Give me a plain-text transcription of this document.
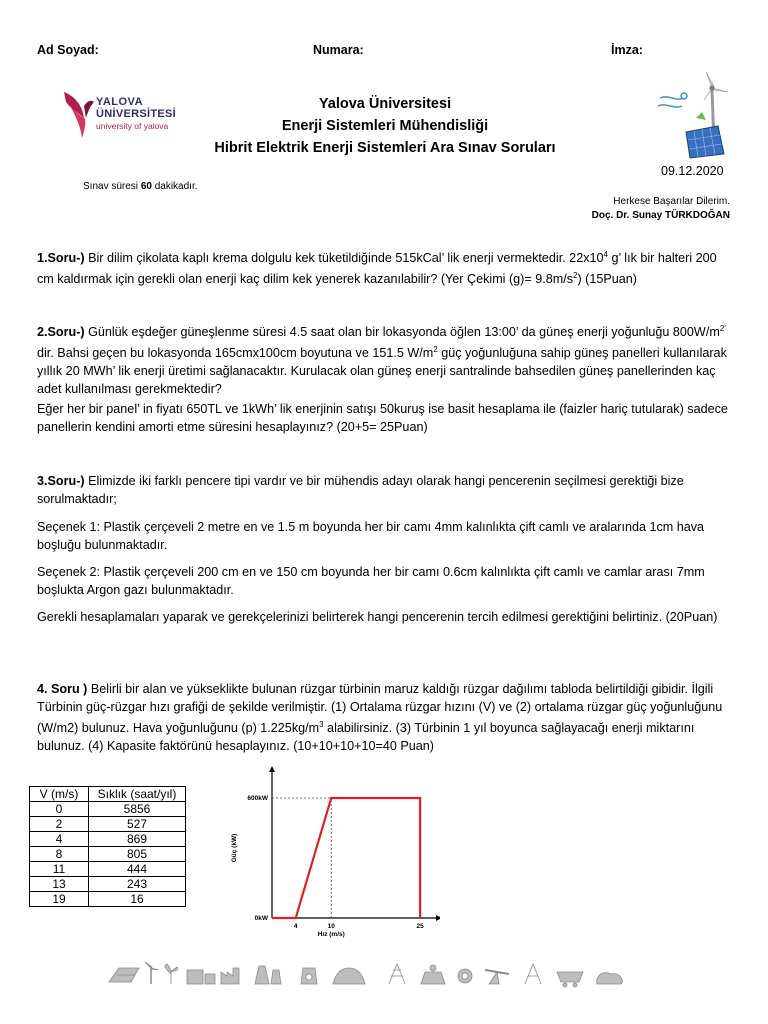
Ad Soyad:	Numara:	İmza:
YALOVA
ÜNİVERSİTESİ
university of yalova
Yalova Üniversitesi
Enerji Sistemleri Mühendisliği
Hibrit Elektrik Enerji Sistemleri Ara Sınav Soruları
09.12.2020
Sınav süresi 60 dakikadır.
Herkese Başarılar Dilerim.
Doç. Dr. Sunay TÜRKDOĞAN
1.Soru-) Bir dilim çikolata kaplı krema dolgulu kek tüketildiğinde 515kCal’ lik enerji vermektedir. $22x10^4$ g’ lık bir halteri 200 cm kaldırmak için gerekli olan enerji kaç dilim kek yenerek kazanılabilir? (Yer Çekimi $(g)= 9.8m/s^2$) (15Puan)
2.Soru-) Günlük eşdeğer güneşlenme süresi 4.5 saat olan bir lokasyonda öğlen 13:00’ da güneş enerji yoğunluğu $800W/m^{2’}$ dir. Bahsi geçen bu lokasyonda 165cmx100cm boyutuna ve 151.5 $W/m^2$ güç yoğunluğuna sahip güneş panelleri kullanılarak yıllık 20 MWh’ lik enerji üretimi sağlanacaktır. Kurulacak olan güneş enerji santralinde bahsedilen güneş panellerinden kaç adet kullanılması gerekmektedir?
Eğer her bir panel’ in fiyatı 650TL ve 1kWh’ lik enerjinin satışı 50kuruş ise basit hesaplama ile (faizler hariç tutularak) sadece panellerin kendini amorti etme süresini hesaplayınız? (20+5= 25Puan)
3.Soru-) Elimizde iki farklı pencere tipi vardır ve bir mühendis adayı olarak hangi pencerenin seçilmesi gerektiği bize sorulmaktadır;
Seçenek 1: Plastik çerçeveli 2 metre en ve 1.5 m boyunda her bir camı 4mm kalınlıkta çift camlı ve aralarında 1cm hava boşluğu bulunmaktadır.
Seçenek 2: Plastik çerçeveli 200 cm en ve 150 cm boyunda her bir camı 0.6cm kalınlıkta çift camlı ve camlar arası 7mm boşlukta Argon gazı bulunmaktadır.
Gerekli hesaplamaları yaparak ve gerekçelerinizi belirterek hangi pencerenin tercih edilmesi gerektiğini belirtiniz. (20Puan)
4. Soru ) Belirli bir alan ve yükseklikte bulunan rüzgar türbinin maruz kaldığı rüzgar dağılımı tabloda belirtildiği gibidir. İlgili Türbinin güç-rüzgar hızı grafiği de şekilde verilmiştir. (1) Ortalama rüzgar hızını (V) ve (2) ortalama rüzgar güç yoğunluğunu (W/m2) bulunuz. Hava yoğunluğunu (p) $1.225kg/m^3$ alabilirsiniz. (3) Türbinin 1 yıl boyunca sağlayacağı enerji miktarını bulunuz. (4) Kapasite faktörünü hesaplayınız. (10+10+10+10=40 Puan)
V (m/s)	Sıklık (saat/yıl)
0	5856
2	527
4	869
8	805
11	444
13	243
19	16
4	10	25
0kW
600kW
Hız (m/s)
Güç (kW)
